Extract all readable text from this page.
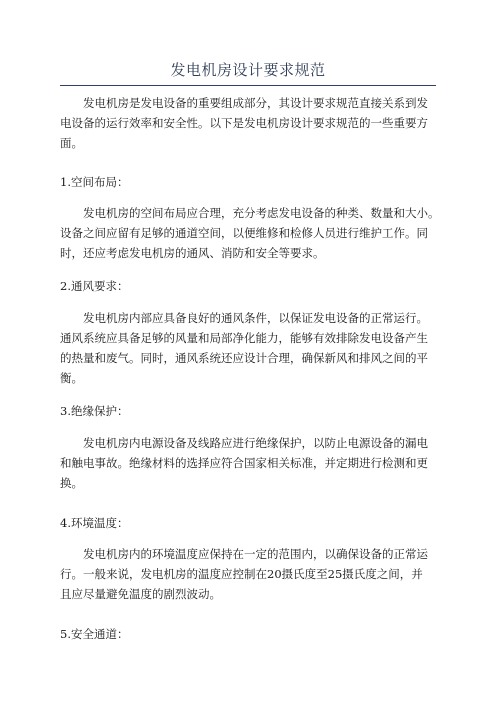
发电机房设计要求规范
发电机房是发电设备的重要组成部分，其设计要求规范直接关系到发
电设备的运行效率和安全性。以下是发电机房设计要求规范的一些重要方
面。
1.空间布局：
发电机房的空间布局应合理，充分考虑发电设备的种类、数量和大小。
设备之间应留有足够的通道空间，以便维修和检修人员进行维护工作。同
时，还应考虑发电机房的通风、消防和安全等要求。
2.通风要求：
发电机房内部应具备良好的通风条件，以保证发电设备的正常运行。
通风系统应具备足够的风量和局部净化能力，能够有效排除发电设备产生
的热量和废气。同时，通风系统还应设计合理，确保新风和排风之间的平
衡。
3.绝缘保护：
发电机房内电源设备及线路应进行绝缘保护，以防止电源设备的漏电
和触电事故。绝缘材料的选择应符合国家相关标准，并定期进行检测和更
换。
4.环境温度：
发电机房内的环境温度应保持在一定的范围内，以确保设备的正常运
行。一般来说，发电机房的温度应控制在20摄氏度至25摄氏度之间，并
且应尽量避免温度的剧烈波动。
5.安全通道：
